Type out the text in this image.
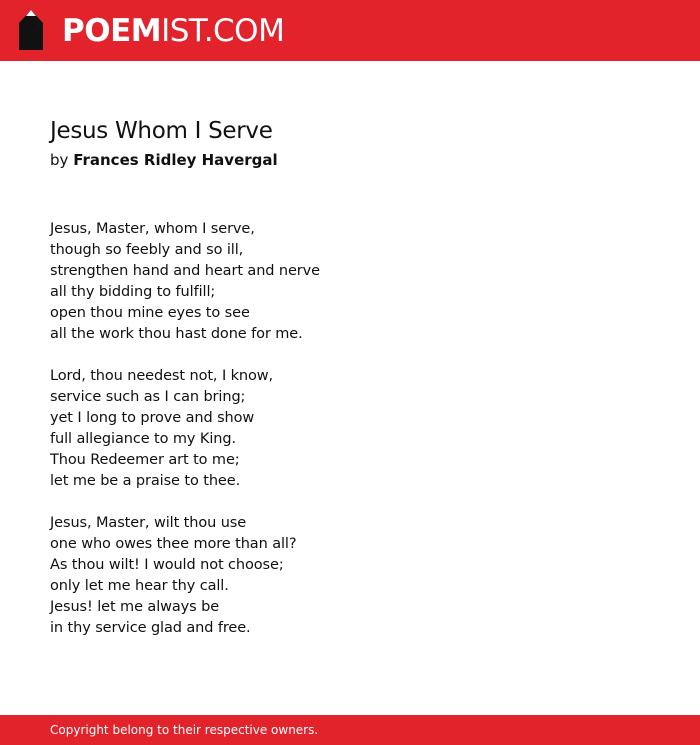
POEMIST.COM
Jesus Whom I Serve

by Frances Ridley Havergal

Jesus, Master, whom I serve,
though so feebly and so ill,
strengthen hand and heart and nerve
all thy bidding to fulfill;
open thou mine eyes to see
all the work thou hast done for me.

Lord, thou needest not, I know,
service such as I can bring;
yet I long to prove and show
full allegiance to my King.
Thou Redeemer art to me;
let me be a praise to thee.

Jesus, Master, wilt thou use
one who owes thee more than all?
As thou wilt! I would not choose;
only let me hear thy call.
Jesus! let me always be
in thy service glad and free.

Copyright belong to their respective owners.
